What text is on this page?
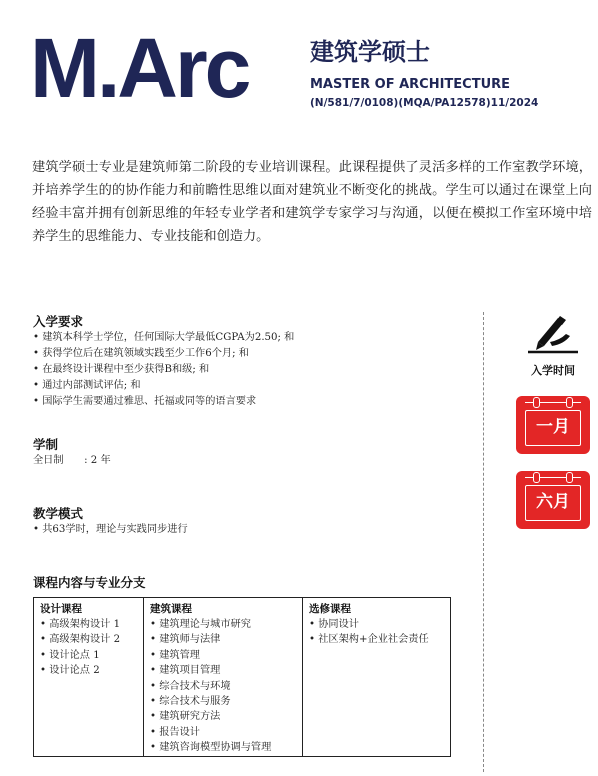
M.Arc	建筑学硕士
MASTER OF ARCHITECTURE
(N/581/7/0108)(MQA/PA12578)11/2024
建筑学硕士专业是建筑师第二阶段的专业培训课程。此课程提供了灵活多样的工作室教学环境，并培养学生的的协作能力和前瞻性思维以面对建筑业不断变化的挑战。学生可以通过在课堂上向经验丰富并拥有创新思维的年轻专业学者和建筑学专家学习与沟通，以便在模拟工作室环境中培养学生的思维能力、专业技能和创造力。
入学要求
• 建筑本科学士学位，任何国际大学最低CGPA为2.50; 和
• 获得学位后在建筑领域实践至少工作6个月; 和
• 在最终设计课程中至少获得B和级; 和
• 通过内部测试评估; 和
• 国际学生需要通过雅思、托福或同等的语言要求
学制
全日制 : 2 年
教学模式
• 共63学时，理论与实践同步进行
课程内容与专业分支
设计课程
• 高级架构设计 1
• 高级架构设计 2
• 设计论点 1
• 设计论点 2

建筑课程
• 建筑理论与城市研究
• 建筑师与法律
• 建筑管理
• 建筑项目管理
• 综合技术与环境
• 综合技术与服务
• 建筑研究方法
• 报告设计
• 建筑咨询模型协调与管理

选修课程
• 协同设计
• 社区架构+企业社会责任
入学时间
一月
六月
